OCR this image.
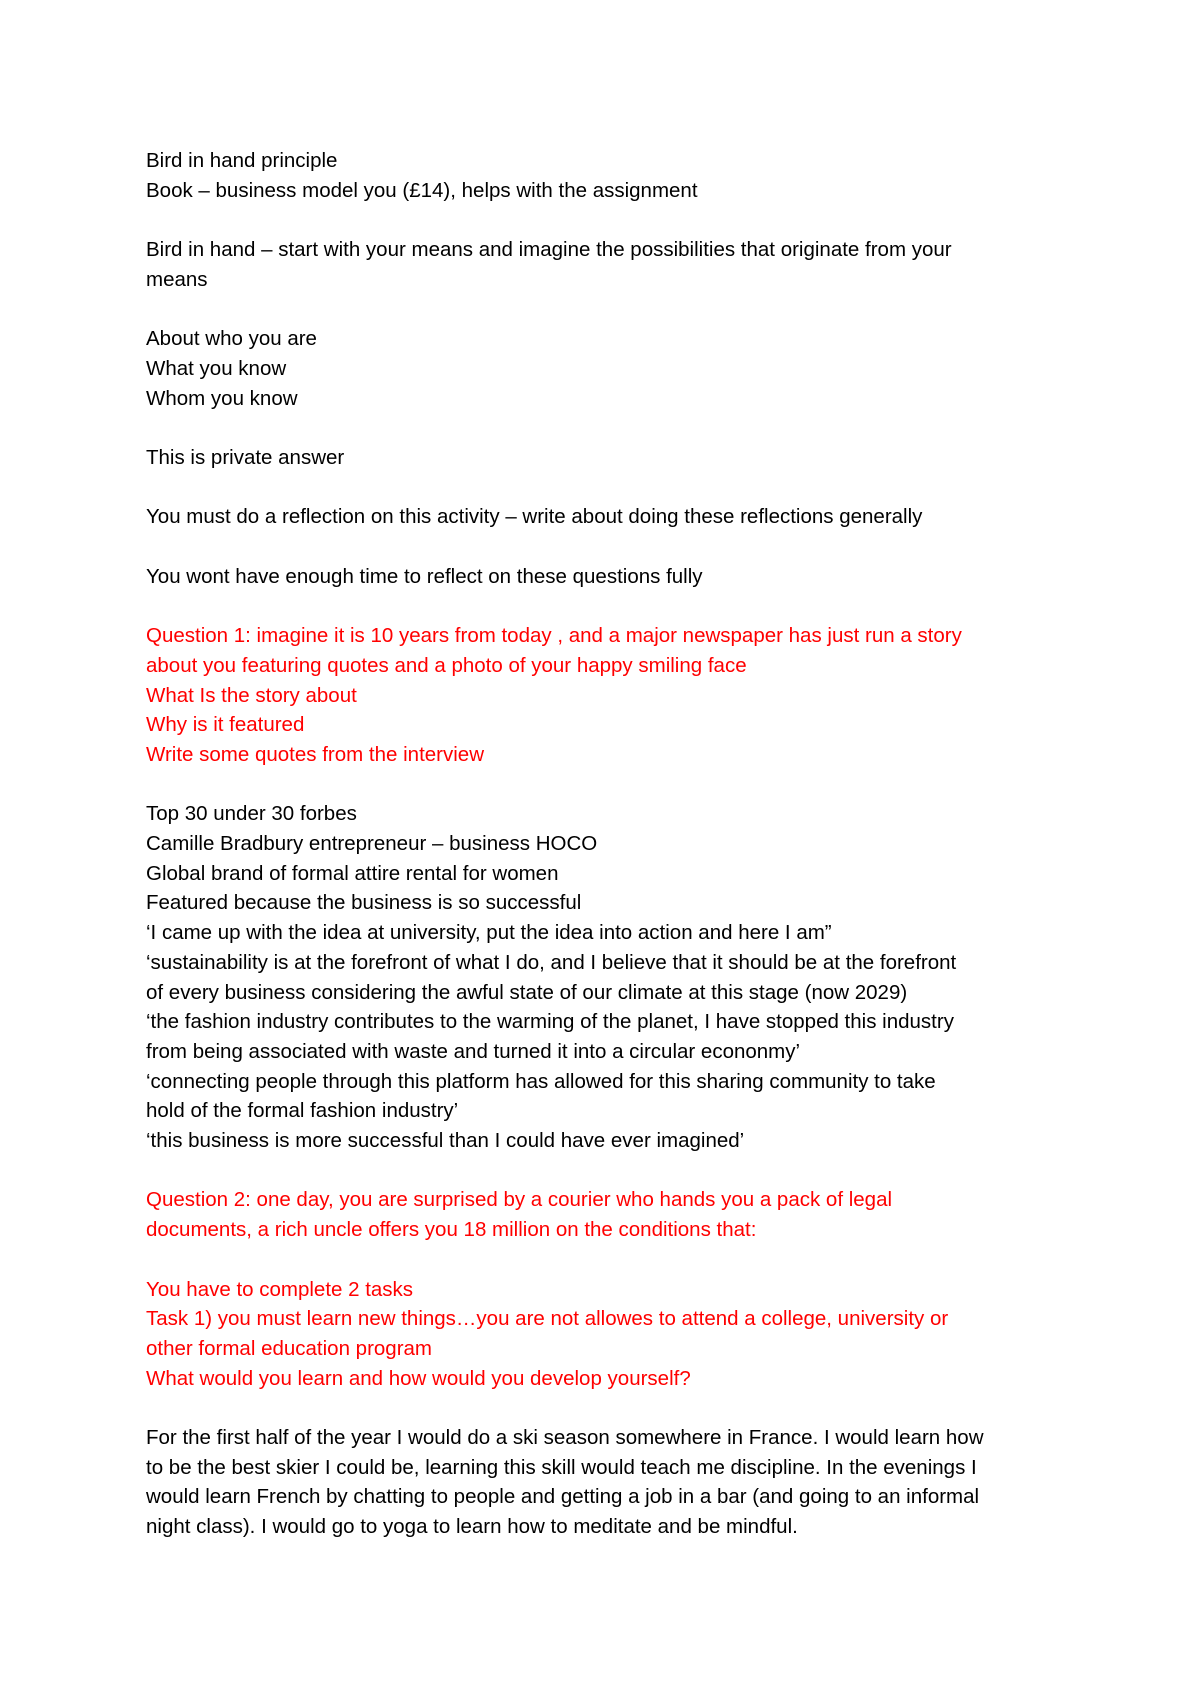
Bird in hand principle
Book – business model you (£14), helps with the assignment
Bird in hand – start with your means and imagine the possibilities that originate from your
means
About who you are
What you know
Whom you know
This is private answer
You must do a reflection on this activity – write about doing these reflections generally
You wont have enough time to reflect on these questions fully
Question 1: imagine it is 10 years from today , and a major newspaper has just run a story
about you featuring quotes and a photo of your happy smiling face
What Is the story about
Why is it featured
Write some quotes from the interview
Top 30 under 30 forbes
Camille Bradbury entrepreneur – business HOCO
Global brand of formal attire rental for women
Featured because the business is so successful
‘I came up with the idea at university, put the idea into action and here I am”
‘sustainability is at the forefront of what I do, and I believe that it should be at the forefront
of every business considering the awful state of our climate at this stage (now 2029)
‘the fashion industry contributes to the warming of the planet, I have stopped this industry
from being associated with waste and turned it into a circular econonmy’
‘connecting people through this platform has allowed for this sharing community to take
hold of the formal fashion industry’
‘this business is more successful than I could have ever imagined’
Question 2: one day, you are surprised by a courier who hands you a pack of legal
documents, a rich uncle offers you 18 million on the conditions that:
You have to complete 2 tasks
Task 1) you must learn new things…you are not allowes to attend a college, university or
other formal education program
What would you learn and how would you develop yourself?
For the first half of the year I would do a ski season somewhere in France. I would learn how
to be the best skier I could be, learning this skill would teach me discipline. In the evenings I
would learn French by chatting to people and getting a job in a bar (and going to an informal
night class). I would go to yoga to learn how to meditate and be mindful.
